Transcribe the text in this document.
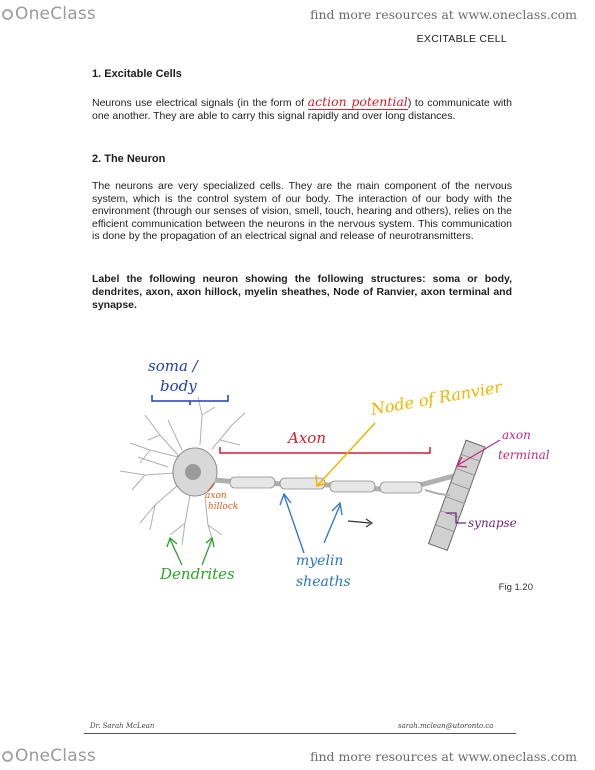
OneClass	find more resources at www.oneclass.com
EXCITABLE CELL
1. Excitable Cells
Neurons use electrical signals (in the form of action potential) to communicate with one another. They are able to carry this signal rapidly and over long distances.
2. The Neuron
The neurons are very specialized cells. They are the main component of the nervous system, which is the control system of our body. The interaction of our body with the environment (through our senses of vision, smell, touch, hearing and others), relies on the efficient communication between the neurons in the nervous system. This communication is done by the propagation of an electrical signal and release of neurotransmitters.
Label the following neuron showing the following structures: soma or body, dendrites, axon, axon hillock, myelin sheathes, Node of Ranvier, axon terminal and synapse.
soma /
body
Axon
Node of Ranvier
axon
terminal
axon
hillock
Dendrites
myelin
sheaths
synapse
Fig 1.20
Dr. Sarah McLean	sarah.mclean@utoronto.ca
OneClass	find more resources at www.oneclass.com
